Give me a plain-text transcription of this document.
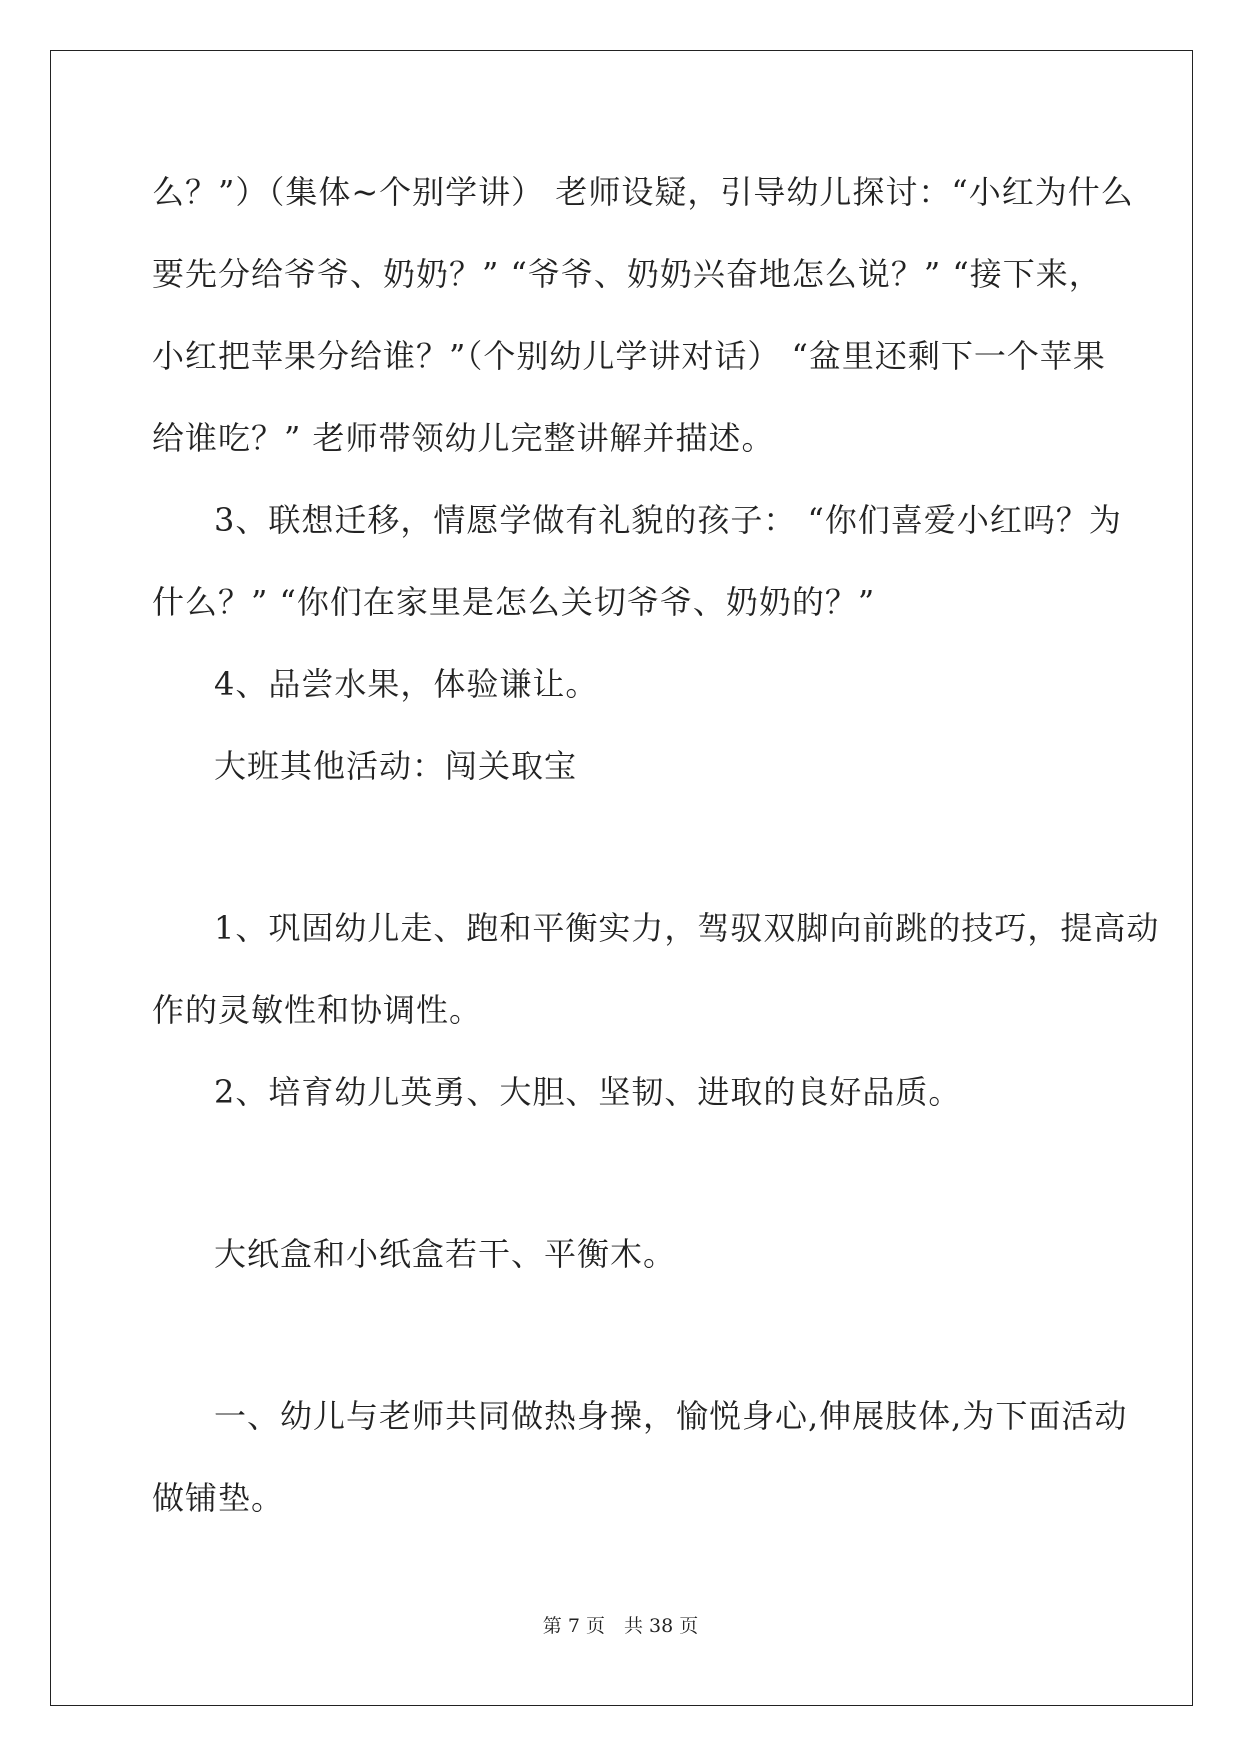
么？”）（集体~个别学讲） 老师设疑，引导幼儿探讨：“小红为什么
要先分给爷爷、奶奶？” “爷爷、奶奶兴奋地怎么说？” “接下来，
小红把苹果分给谁？”（个别幼儿学讲对话） “盆里还剩下一个苹果
给谁吃？” 老师带领幼儿完整讲解并描述。
3、联想迁移，情愿学做有礼貌的孩子： “你们喜爱小红吗？为
什么？” “你们在家里是怎么关切爷爷、奶奶的？”
4、品尝水果，体验谦让。
大班其他活动：闯关取宝
1、巩固幼儿走、跑和平衡实力，驾驭双脚向前跳的技巧，提高动
作的灵敏性和协调性。
2、培育幼儿英勇、大胆、坚韧、进取的良好品质。
大纸盒和小纸盒若干、平衡木。
一、幼儿与老师共同做热身操，愉悦身心,伸展肢体,为下面活动
做铺垫。
第 7 页　共 38 页
